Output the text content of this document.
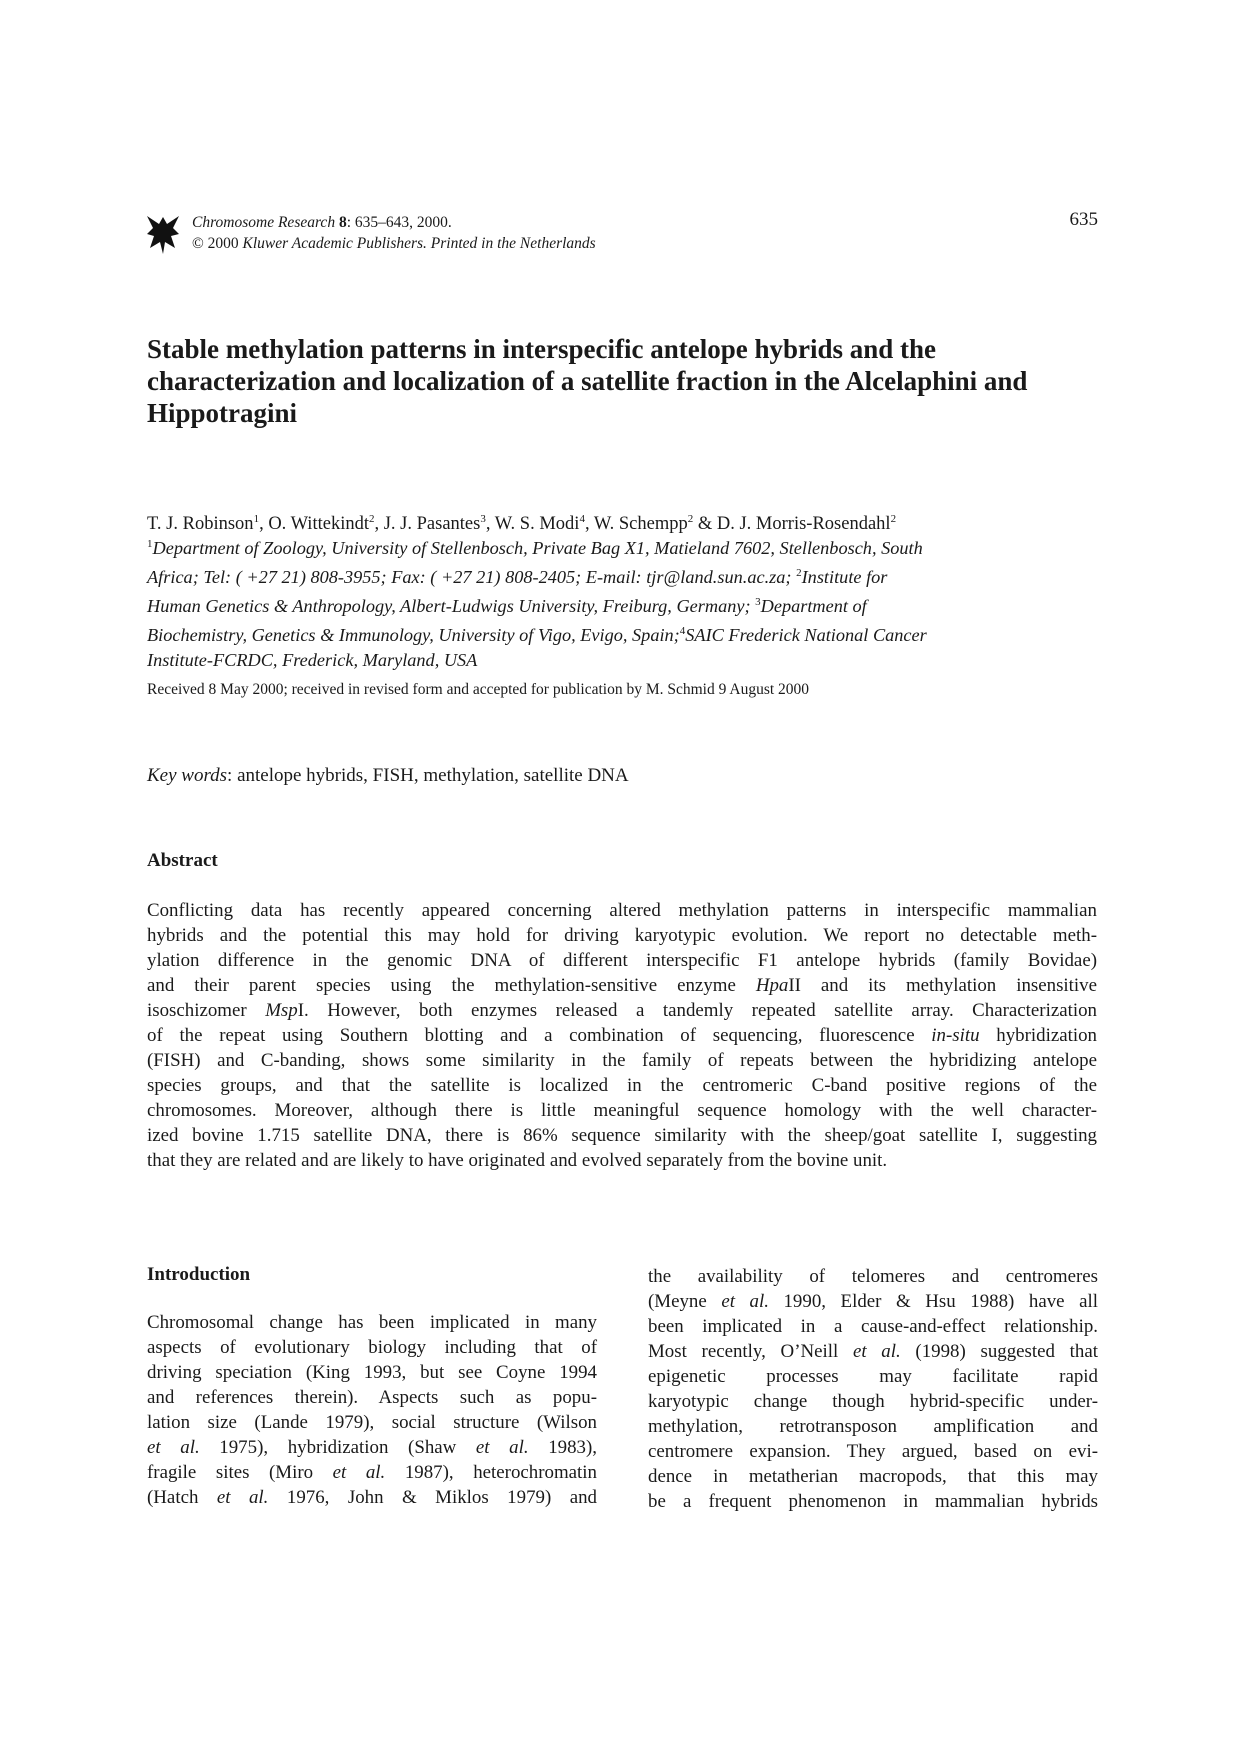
Chromosome Research 8: 635–643, 2000.
© 2000 Kluwer Academic Publishers. Printed in the Netherlands
635
Stable methylation patterns in interspecific antelope hybrids and the characterization and localization of a satellite fraction in the Alcelaphini and Hippotragini
T. J. Robinson$^1$, O. Wittekindt$^2$, J. J. Pasantes$^3$, W. S. Modi$^4$, W. Schempp$^2$ & D. J. Morris-Rosendahl$^2$
$^1$Department of Zoology, University of Stellenbosch, Private Bag X1, Matieland 7602, Stellenbosch, South
Africa; Tel: ( +27 21) 808-3955; Fax: ( +27 21) 808-2405; E-mail: tjr@land.sun.ac.za; $^2$Institute for
Human Genetics & Anthropology, Albert-Ludwigs University, Freiburg, Germany; $^3$Department of
Biochemistry, Genetics & Immunology, University of Vigo, Evigo, Spain;$^4$SAIC Frederick National Cancer
Institute-FCRDC, Frederick, Maryland, USA
Received 8 May 2000; received in revised form and accepted for publication by M. Schmid 9 August 2000
Key words: antelope hybrids, FISH, methylation, satellite DNA
Abstract
Conflicting data has recently appeared concerning altered methylation patterns in interspecific mammalian
hybrids and the potential this may hold for driving karyotypic evolution. We report no detectable meth-
ylation difference in the genomic DNA of different interspecific F1 antelope hybrids (family Bovidae)
and their parent species using the methylation-sensitive enzyme HpaII and its methylation insensitive
isoschizomer MspI. However, both enzymes released a tandemly repeated satellite array. Characterization
of the repeat using Southern blotting and a combination of sequencing, fluorescence in-situ hybridization
(FISH) and C-banding, shows some similarity in the family of repeats between the hybridizing antelope
species groups, and that the satellite is localized in the centromeric C-band positive regions of the
chromosomes. Moreover, although there is little meaningful sequence homology with the well character-
ized bovine 1.715 satellite DNA, there is 86% sequence similarity with the sheep/goat satellite I, suggesting
that they are related and are likely to have originated and evolved separately from the bovine unit.
Introduction
Chromosomal change has been implicated in many
aspects of evolutionary biology including that of
driving speciation (King 1993, but see Coyne 1994
and references therein). Aspects such as popu-
lation size (Lande 1979), social structure (Wilson
et al. 1975), hybridization (Shaw et al. 1983),
fragile sites (Miro et al. 1987), heterochromatin
(Hatch et al. 1976, John & Miklos 1979) and
the availability of telomeres and centromeres
(Meyne et al. 1990, Elder & Hsu 1988) have all
been implicated in a cause-and-effect relationship.
Most recently, O’Neill et al. (1998) suggested that
epigenetic processes may facilitate rapid
karyotypic change though hybrid-specific under-
methylation, retrotransposon amplification and
centromere expansion. They argued, based on evi-
dence in metatherian macropods, that this may
be a frequent phenomenon in mammalian hybrids
